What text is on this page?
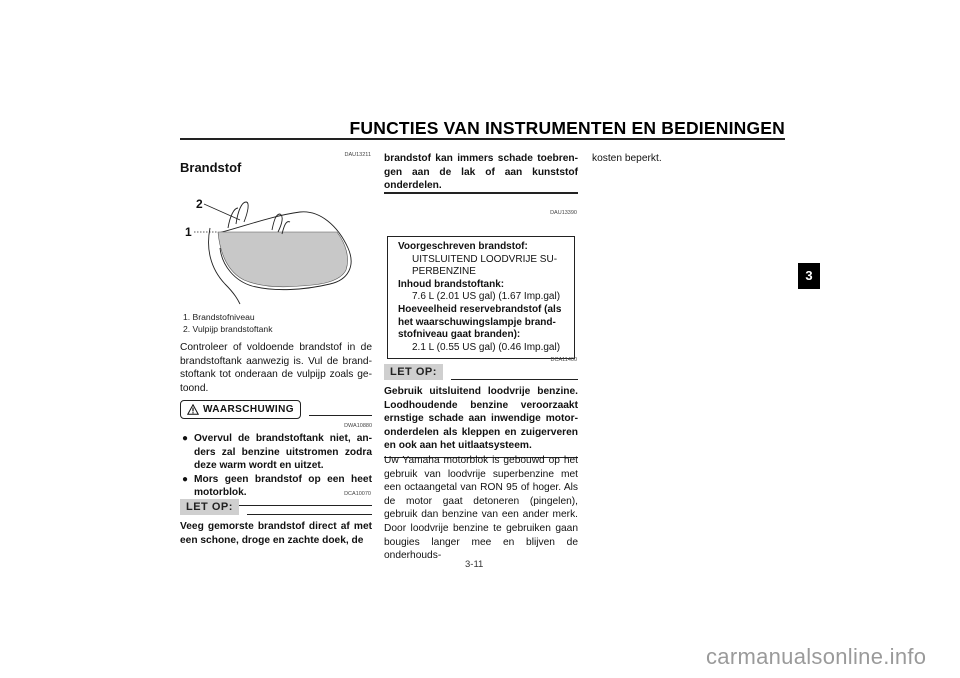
FUNCTIES VAN INSTRUMENTEN EN BEDIENINGEN
3
DAU13211
Brandstof
2
1
1. Brandstofniveau
2. Vulpijp brandstoftank
Controleer of voldoende brandstof in de brandstoftank aanwezig is. Vul de brandstoftank tot onderaan de vulpijp zoals getoond.
WAARSCHUWING
DWA10880
● Overvul de brandstoftank niet, anders zal benzine uitstromen zodra deze warm wordt en uitzet.
● Mors geen brandstof op een heet motorblok.	DCA10070
LET OP:
Veeg gemorste brandstof direct af met een schone, droge en zachte doek, de
brandstof kan immers schade toebrengen aan de lak of aan kunststof onderdelen.
DAU13390
Voorgeschreven brandstof:
UITSLUITEND LOODVRIJE SUPERBENZINE
Inhoud brandstoftank:
7.6 L (2.01 US gal) (1.67 Imp.gal)
Hoeveelheid reservebrandstof (als het waarschuwingslampje brandstofniveau gaat branden):
2.1 L (0.55 US gal) (0.46 Imp.gal)
DCA11400
LET OP:
Gebruik uitsluitend loodvrije benzine. Loodhoudende benzine veroorzaakt ernstige schade aan inwendige motoronderdelen als kleppen en zuigerveren en ook aan het uitlaatsysteem.
Uw Yamaha motorblok is gebouwd op het gebruik van loodvrije superbenzine met een octaangetal van RON 95 of hoger. Als de motor gaat detoneren (pingelen), gebruik dan benzine van een ander merk. Door loodvrije benzine te gebruiken gaan bougies langer mee en blijven de onderhouds-
kosten beperkt.
3-11
carmanualsonline.info
